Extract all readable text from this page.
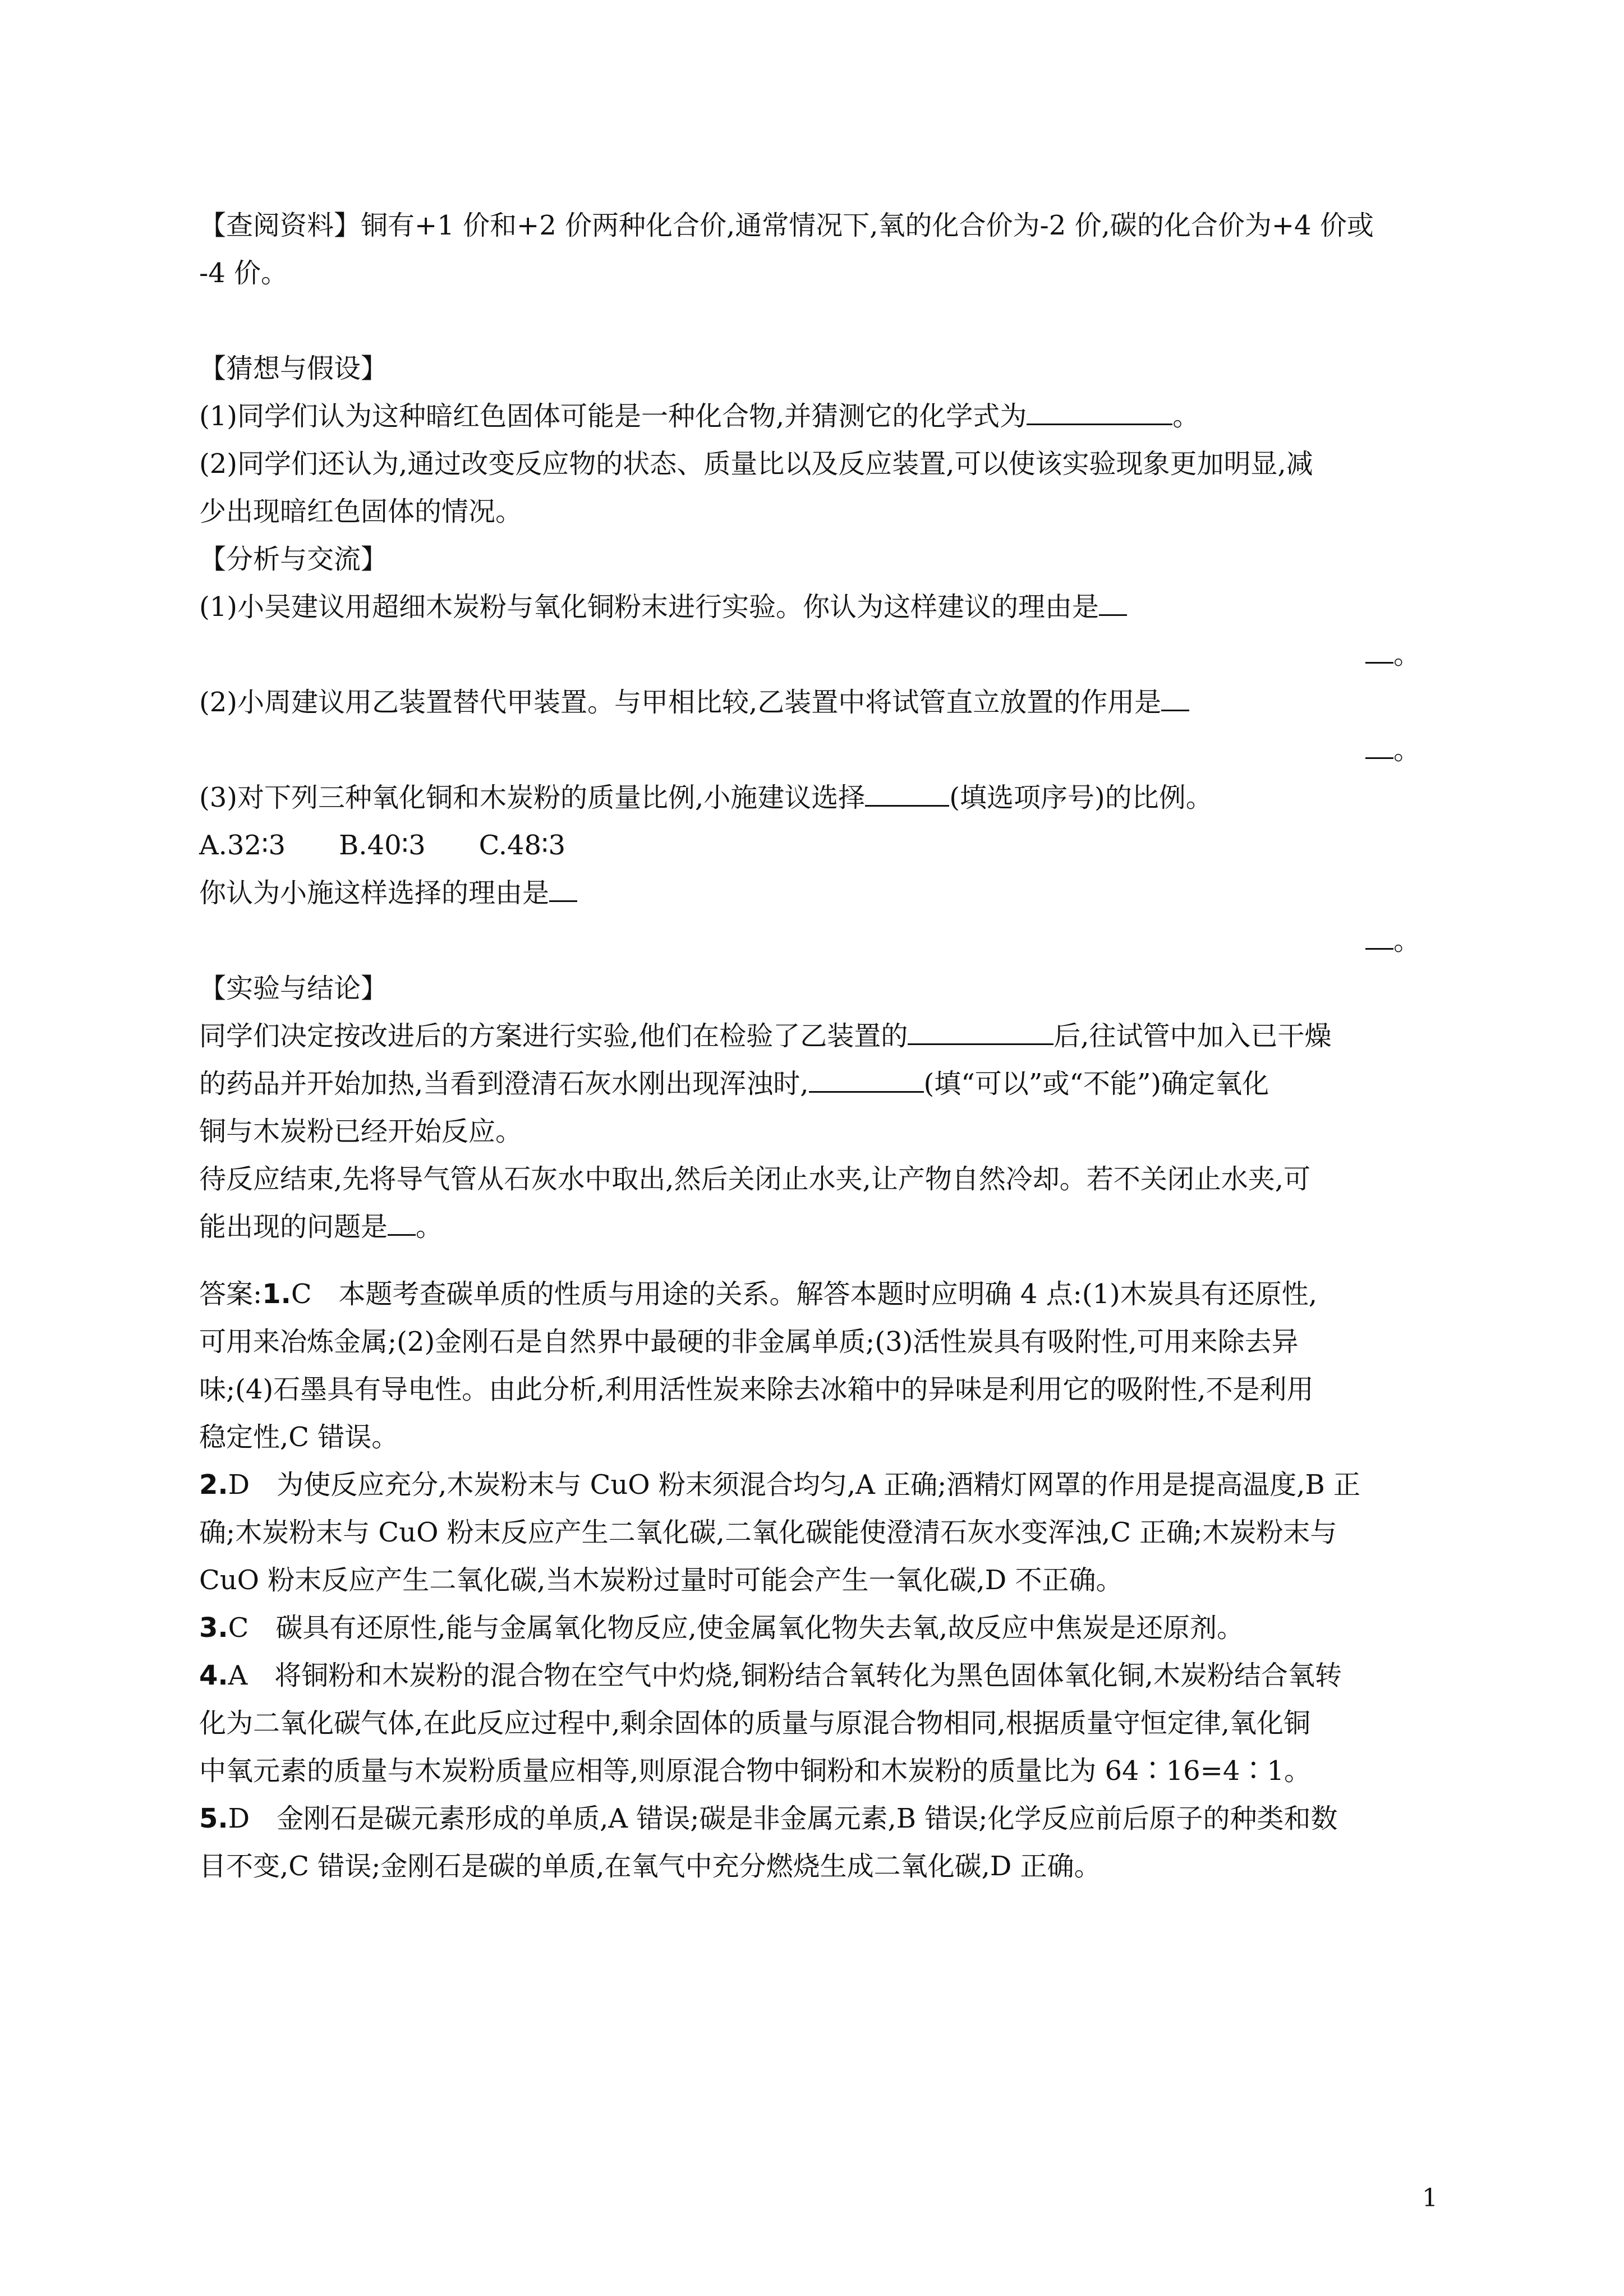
【查阅资料】铜有+1 价和+2 价两种化合价,通常情况下,氧的化合价为-2 价,碳的化合价为+4 价或

-4 价。

【猜想与假设】

(1)同学们认为这种暗红色固体可能是一种化合物,并猜测它的化学式为	。

(2)同学们还认为,通过改变反应物的状态、质量比以及反应装置,可以使该实验现象更加明显,减

少出现暗红色固体的情况。

【分析与交流】

(1)小吴建议用超细木炭粉与氧化铜粉末进行实验。你认为这样建议的理由是

。

(2)小周建议用乙装置替代甲装置。与甲相比较,乙装置中将试管直立放置的作用是

。

(3)对下列三种氧化铜和木炭粉的质量比例,小施建议选择	(填选项序号)的比例。

A.32∶3 B.40∶3 C.48∶3

你认为小施这样选择的理由是

。

【实验与结论】

同学们决定按改进后的方案进行实验,他们在检验了乙装置的	后,往试管中加入已干燥

的药品并开始加热,当看到澄清石灰水刚出现浑浊时,	(填“可以”或“不能”)确定氧化

铜与木炭粉已经开始反应。

待反应结束,先将导气管从石灰水中取出,然后关闭止水夹,让产物自然冷却。若不关闭止水夹,可

能出现的问题是 。

答案:1.C　本题考查碳单质的性质与用途的关系。解答本题时应明确 4 点:(1)木炭具有还原性,

可用来冶炼金属;(2)金刚石是自然界中最硬的非金属单质;(3)活性炭具有吸附性,可用来除去异

味;(4)石墨具有导电性。由此分析,利用活性炭来除去冰箱中的异味是利用它的吸附性,不是利用

稳定性,C 错误。

2.D　为使反应充分,木炭粉末与 CuO 粉末须混合均匀,A 正确;酒精灯网罩的作用是提高温度,B 正

确;木炭粉末与 CuO 粉末反应产生二氧化碳,二氧化碳能使澄清石灰水变浑浊,C 正确;木炭粉末与

CuO 粉末反应产生二氧化碳,当木炭粉过量时可能会产生一氧化碳,D 不正确。

3.C　碳具有还原性,能与金属氧化物反应,使金属氧化物失去氧,故反应中焦炭是还原剂。

4.A　将铜粉和木炭粉的混合物在空气中灼烧,铜粉结合氧转化为黑色固体氧化铜,木炭粉结合氧转

化为二氧化碳气体,在此反应过程中,剩余固体的质量与原混合物相同,根据质量守恒定律,氧化铜

中氧元素的质量与木炭粉质量应相等,则原混合物中铜粉和木炭粉的质量比为 64∶16=4∶1。

5.D　金刚石是碳元素形成的单质,A 错误;碳是非金属元素,B 错误;化学反应前后原子的种类和数

目不变,C 错误;金刚石是碳的单质,在氧气中充分燃烧生成二氧化碳,D 正确。

1
